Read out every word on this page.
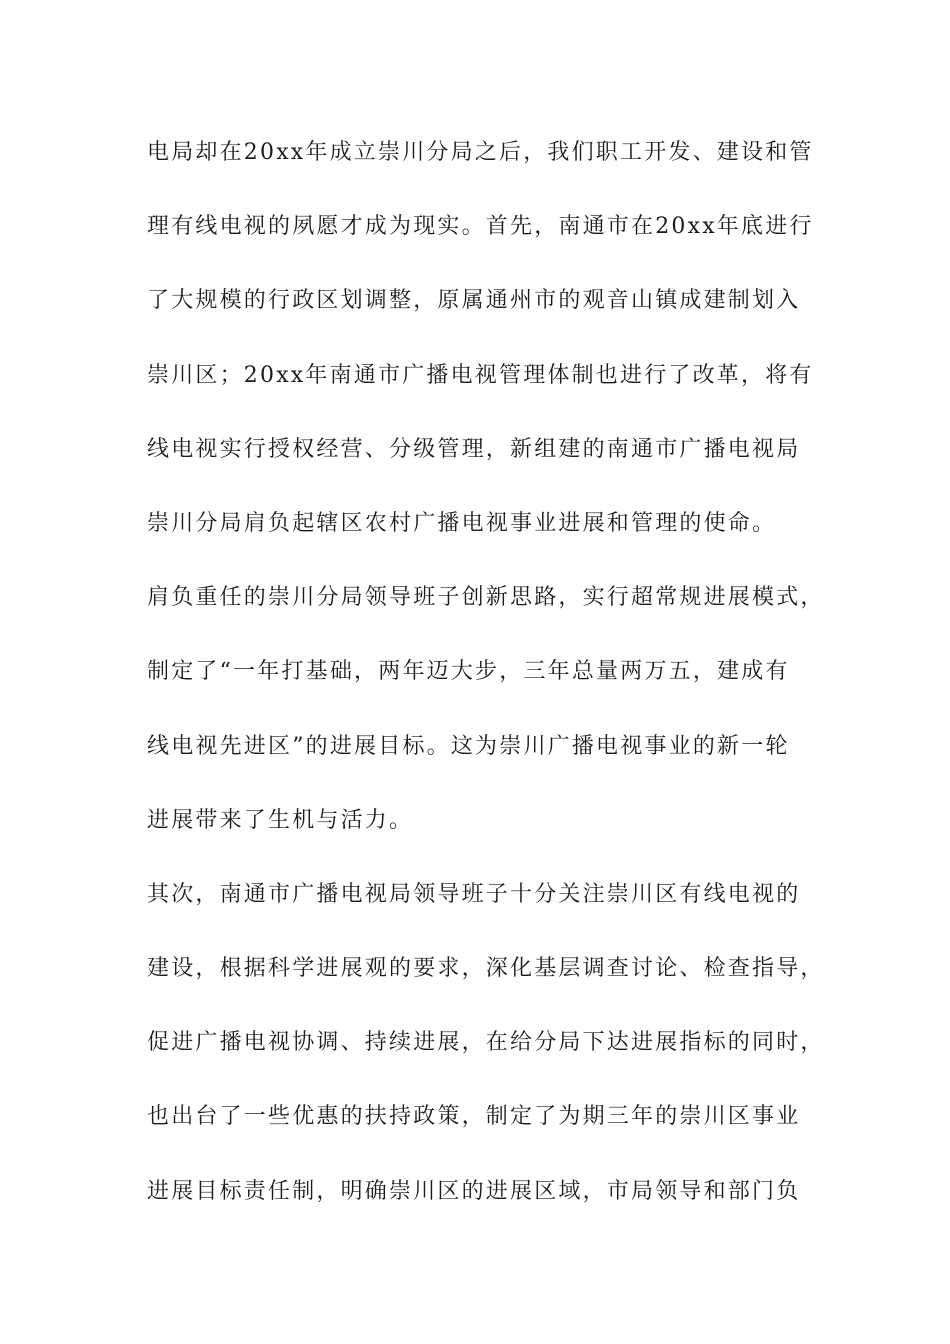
电局却在20xx年成立崇川分局之后，我们职工开发、建设和管
理有线电视的夙愿才成为现实。首先，南通市在20xx年底进行
了大规模的行政区划调整，原属通州市的观音山镇成建制划入
崇川区；20xx年南通市广播电视管理体制也进行了改革，将有
线电视实行授权经营、分级管理，新组建的南通市广播电视局
崇川分局肩负起辖区农村广播电视事业进展和管理的使命。
肩负重任的崇川分局领导班子创新思路，实行超常规进展模式，
制定了“一年打基础，两年迈大步，三年总量两万五，建成有
线电视先进区”的进展目标。这为崇川广播电视事业的新一轮
进展带来了生机与活力。
其次，南通市广播电视局领导班子十分关注崇川区有线电视的
建设，根据科学进展观的要求，深化基层调查讨论、检查指导，
促进广播电视协调、持续进展，在给分局下达进展指标的同时，
也出台了一些优惠的扶持政策，制定了为期三年的崇川区事业
进展目标责任制，明确崇川区的进展区域，市局领导和部门负
